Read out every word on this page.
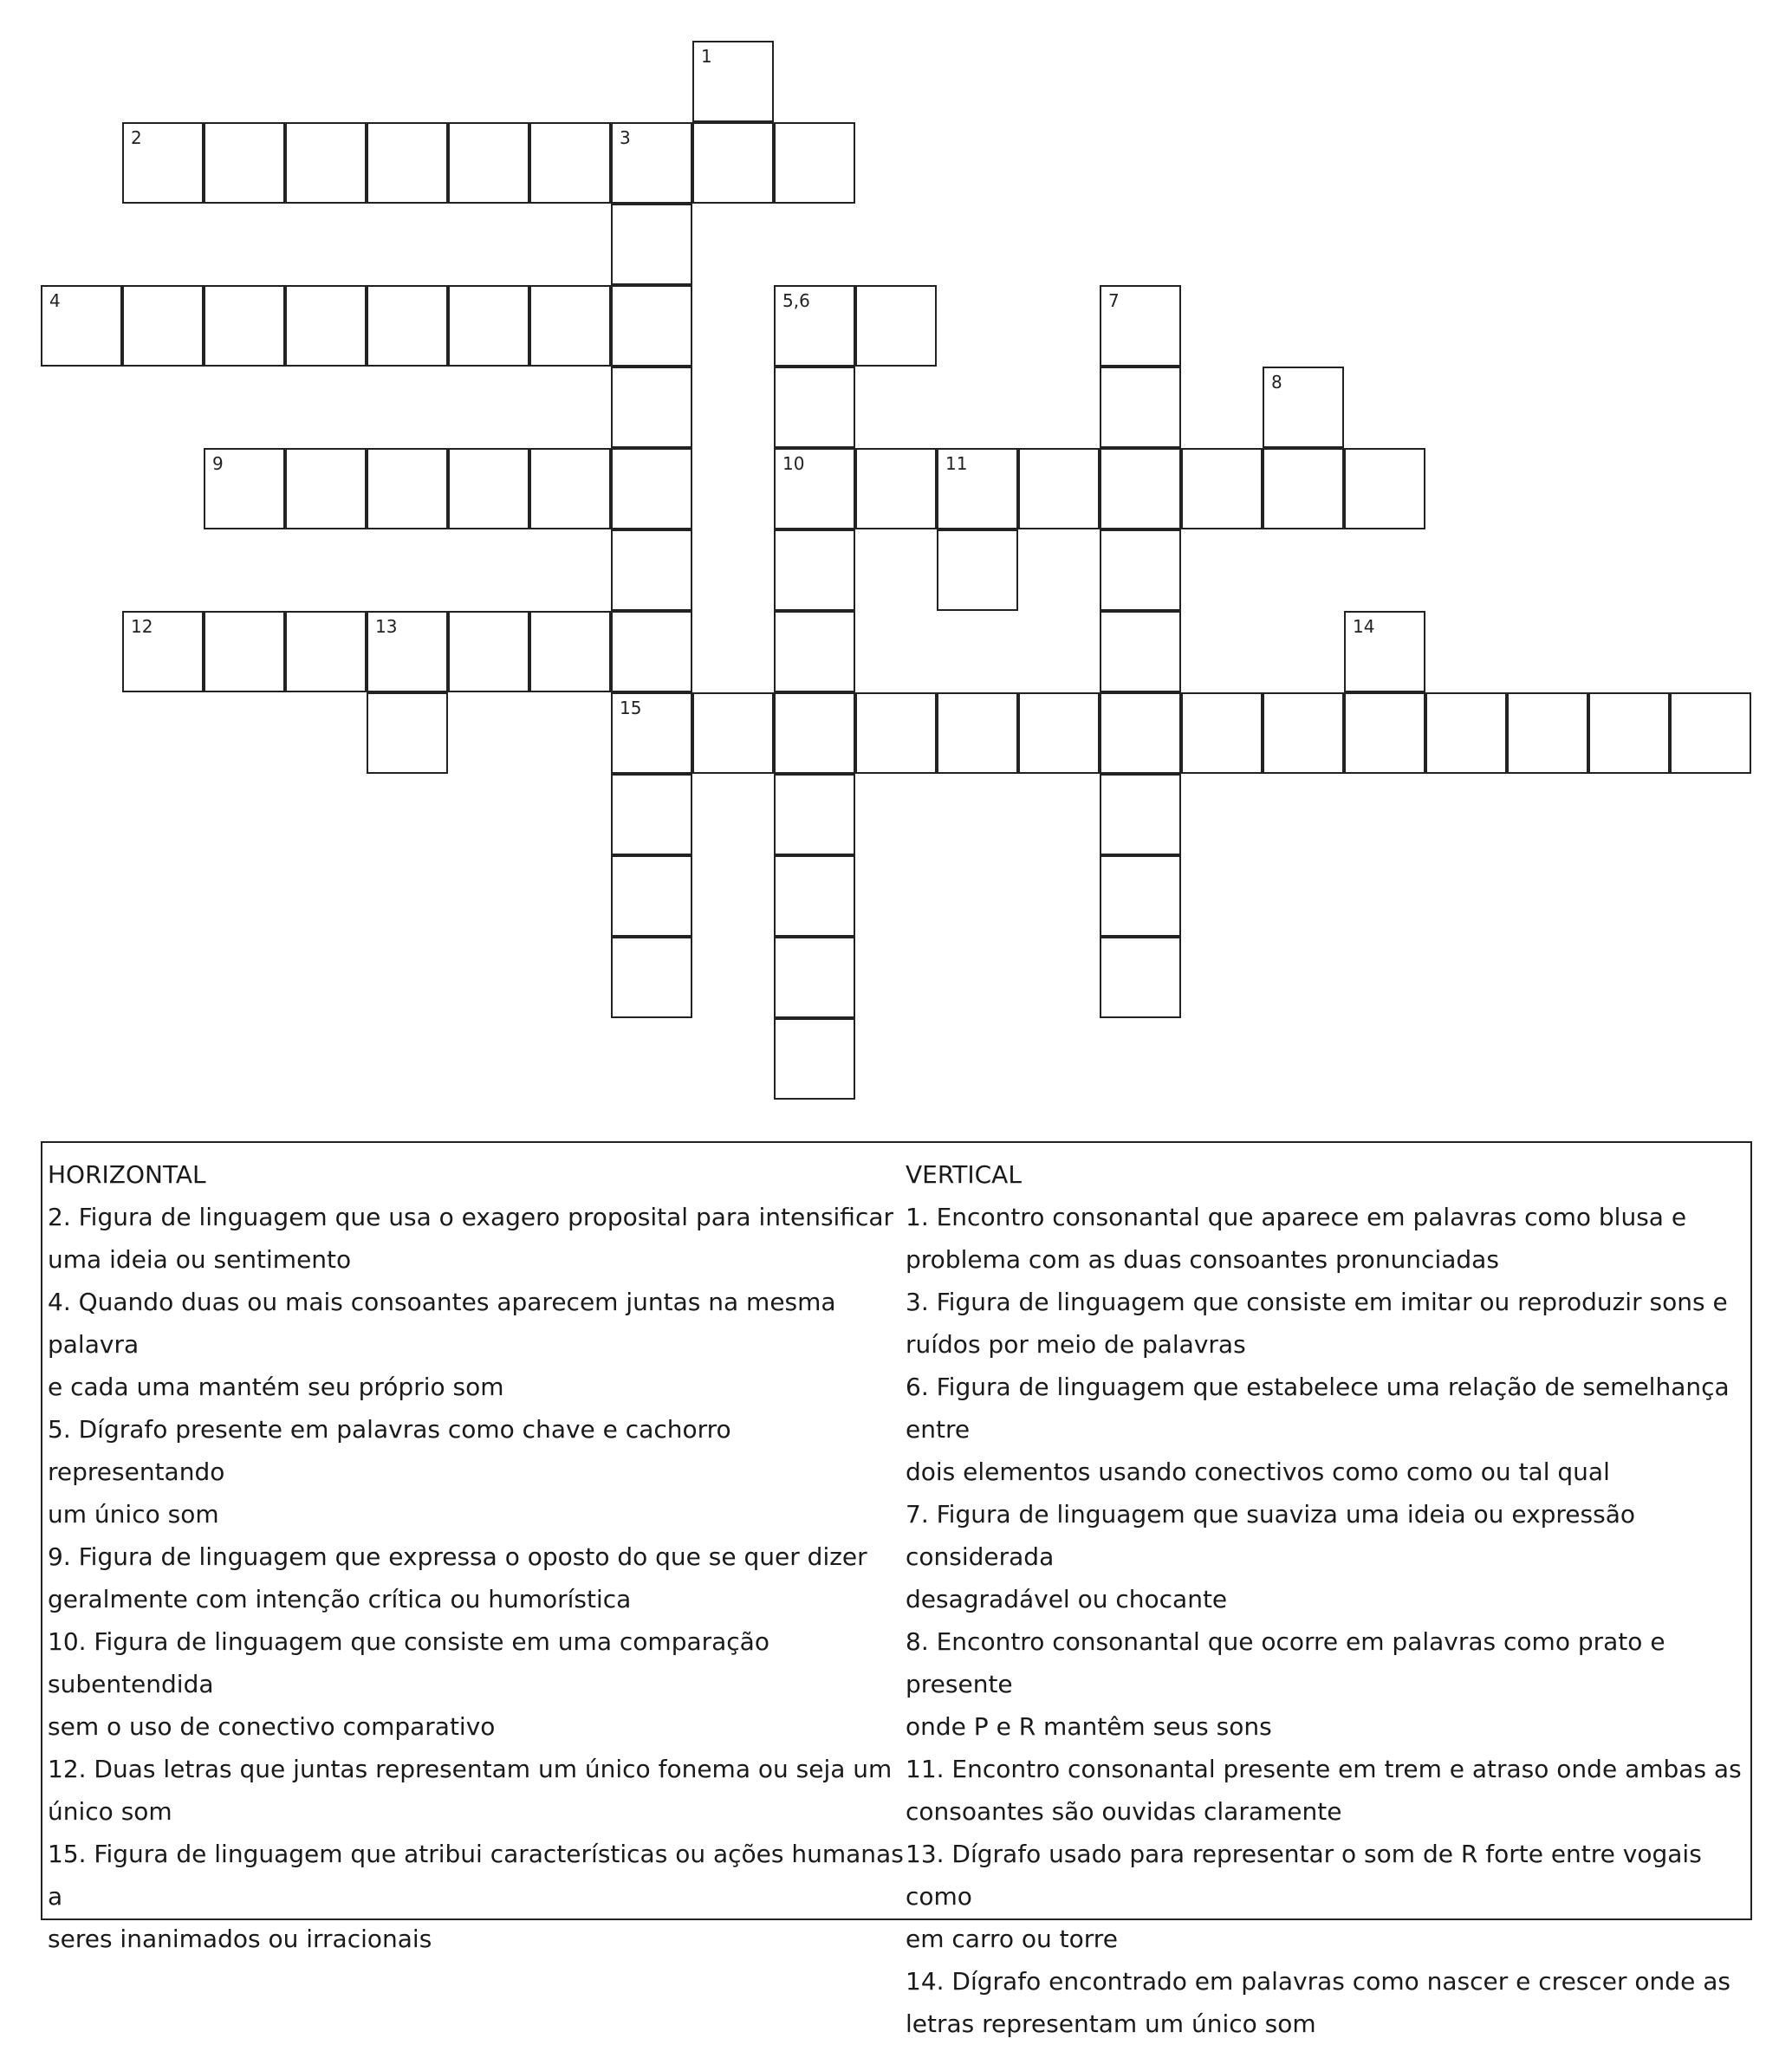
1
2	3
4	5,6	7
8
9	10	11
12	13	14
15
HORIZONTAL
2. Figura de linguagem que usa o exagero proposital para intensificar
uma ideia ou sentimento
4. Quando duas ou mais consoantes aparecem juntas na mesma palavra
e cada uma mantém seu próprio som
5. Dígrafo presente em palavras como chave e cachorro representando
um único som
9. Figura de linguagem que expressa o oposto do que se quer dizer
geralmente com intenção crítica ou humorística
10. Figura de linguagem que consiste em uma comparação subentendida
sem o uso de conectivo comparativo
12. Duas letras que juntas representam um único fonema ou seja um
único som
15. Figura de linguagem que atribui características ou ações humanas a
seres inanimados ou irracionais
VERTICAL
1. Encontro consonantal que aparece em palavras como blusa e
problema com as duas consoantes pronunciadas
3. Figura de linguagem que consiste em imitar ou reproduzir sons e
ruídos por meio de palavras
6. Figura de linguagem que estabelece uma relação de semelhança entre
dois elementos usando conectivos como como ou tal qual
7. Figura de linguagem que suaviza uma ideia ou expressão considerada
desagradável ou chocante
8. Encontro consonantal que ocorre em palavras como prato e presente
onde P e R mantêm seus sons
11. Encontro consonantal presente em trem e atraso onde ambas as
consoantes são ouvidas claramente
13. Dígrafo usado para representar o som de R forte entre vogais como
em carro ou torre
14. Dígrafo encontrado em palavras como nascer e crescer onde as
letras representam um único som
